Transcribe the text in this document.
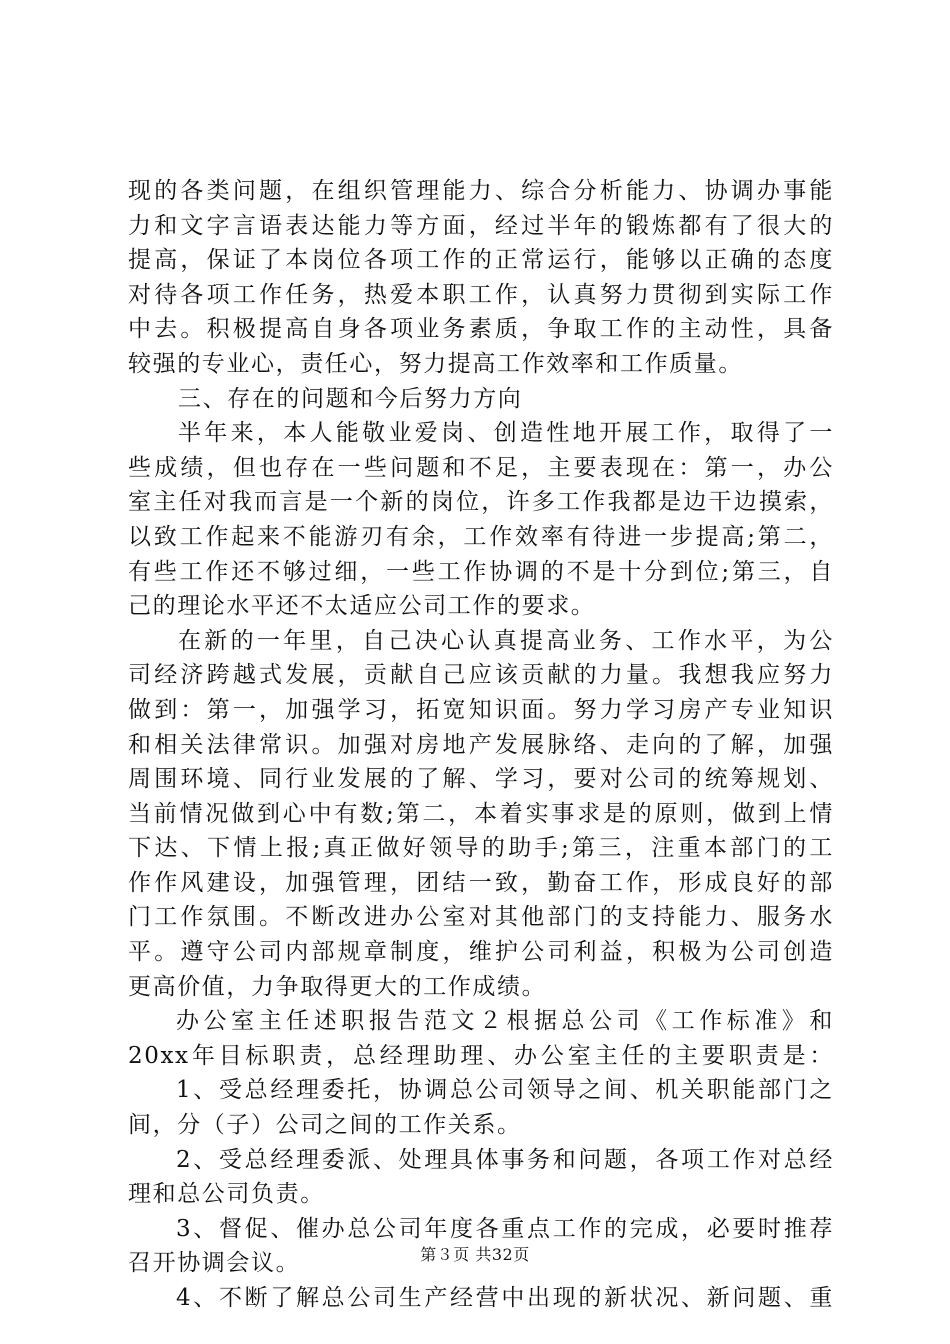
现的各类问题，在组织管理能力、综合分析能力、协调办事能
力和文字言语表达能力等方面，经过半年的锻炼都有了很大的
提高，保证了本岗位各项工作的正常运行，能够以正确的态度
对待各项工作任务，热爱本职工作，认真努力贯彻到实际工作
中去。积极提高自身各项业务素质，争取工作的主动性，具备
较强的专业心，责任心，努力提高工作效率和工作质量。
三、存在的问题和今后努力方向
半年来，本人能敬业爱岗、创造性地开展工作，取得了一
些成绩，但也存在一些问题和不足，主要表现在：第一，办公
室主任对我而言是一个新的岗位，许多工作我都是边干边摸索，
以致工作起来不能游刃有余，工作效率有待进一步提高;第二，
有些工作还不够过细，一些工作协调的不是十分到位;第三，自
己的理论水平还不太适应公司工作的要求。
在新的一年里，自己决心认真提高业务、工作水平，为公
司经济跨越式发展，贡献自己应该贡献的力量。我想我应努力
做到：第一，加强学习，拓宽知识面。努力学习房产专业知识
和相关法律常识。加强对房地产发展脉络、走向的了解，加强
周围环境、同行业发展的了解、学习，要对公司的统筹规划、
当前情况做到心中有数;第二，本着实事求是的原则，做到上情
下达、下情上报;真正做好领导的助手;第三，注重本部门的工
作作风建设，加强管理，团结一致，勤奋工作，形成良好的部
门工作氛围。不断改进办公室对其他部门的支持能力、服务水
平。遵守公司内部规章制度，维护公司利益，积极为公司创造
更高价值，力争取得更大的工作成绩。
办公室主任述职报告范文２根据总公司《工作标准》和
20xx年目标职责，总经理助理、办公室主任的主要职责是：
1、受总经理委托，协调总公司领导之间、机关职能部门之
间，分（子）公司之间的工作关系。
2、受总经理委派、处理具体事务和问题，各项工作对总经
理和总公司负责。
3、督促、催办总公司年度各重点工作的完成，必要时推荐
召开协调会议。
4、不断了解总公司生产经营中出现的新状况、新问题、重
第３页 共32页
